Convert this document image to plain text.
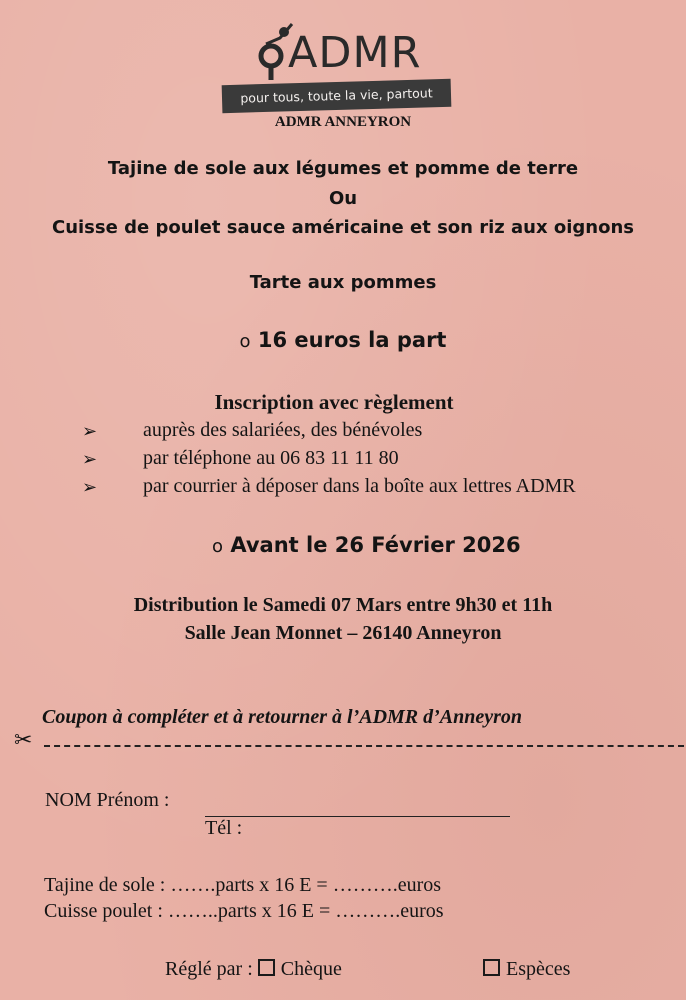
ADMR
pour tous, toute la vie, partout
ADMR ANNEYRON
Tajine de sole aux légumes et pomme de terre
Ou
Cuisse de poulet sauce américaine et son riz aux oignons
Tarte aux pommes
o 16 euros la part
Inscription avec règlement
➢ auprès des salariées, des bénévoles
➢ par téléphone au 06 83 11 11 80
➢ par courrier à déposer dans la boîte aux lettres ADMR
o Avant le 26 Février 2026
Distribution le Samedi 07 Mars entre 9h30 et 11h
Salle Jean Monnet – 26140 Anneyron
Coupon à compléter et à retourner à l’ADMR d’Anneyron
✂
NOM Prénom :
Tél :
Tajine de sole : …….parts x 16 E = ……….euros
Cuisse poulet : ……..parts x 16 E = ……….euros
Réglé par : Chèque	Espèces
